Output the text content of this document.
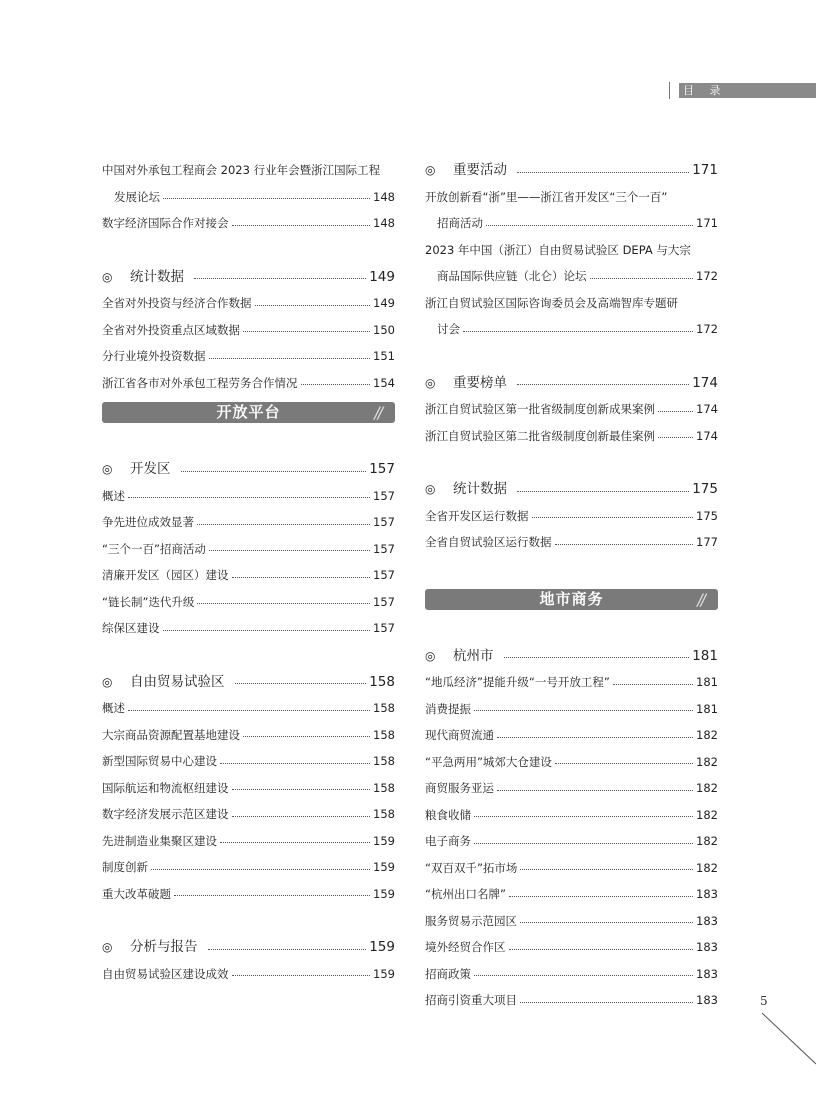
目 录
中国对外承包工程商会 2023 行业年会暨浙江国际工程
发展论坛	148
数字经济国际合作对接会	148
◎ 统计数据	149
全省对外投资与经济合作数据	149
全省对外投资重点区域数据	150
分行业境外投资数据	151
浙江省各市对外承包工程劳务合作情况	154
开放平台	//
◎ 开发区	157
概述	157
争先进位成效显著	157
“三个一百”招商活动	157
清廉开发区（园区）建设	157
“链长制”迭代升级	157
综保区建设	157
◎ 自由贸易试验区	158
概述	158
大宗商品资源配置基地建设	158
新型国际贸易中心建设	158
国际航运和物流枢纽建设	158
数字经济发展示范区建设	158
先进制造业集聚区建设	159
制度创新	159
重大改革破题	159
◎ 分析与报告	159
自由贸易试验区建设成效	159
◎ 重要活动	171
开放创新看“浙”里——浙江省开发区“三个一百”
招商活动	171
2023 年中国（浙江）自由贸易试验区 DEPA 与大宗
商品国际供应链（北仑）论坛	172
浙江自贸试验区国际咨询委员会及高端智库专题研
讨会	172
◎ 重要榜单	174
浙江自贸试验区第一批省级制度创新成果案例	174
浙江自贸试验区第二批省级制度创新最佳案例	174
◎ 统计数据	175
全省开发区运行数据	175
全省自贸试验区运行数据	177
地市商务	//
◎ 杭州市	181
“地瓜经济”提能升级“一号开放工程”	181
消费提振	181
现代商贸流通	182
“平急两用”城郊大仓建设	182
商贸服务亚运	182
粮食收储	182
电子商务	182
“双百双千”拓市场	182
“杭州出口名牌”	183
服务贸易示范园区	183
境外经贸合作区	183
招商政策	183
招商引资重大项目	183	5
